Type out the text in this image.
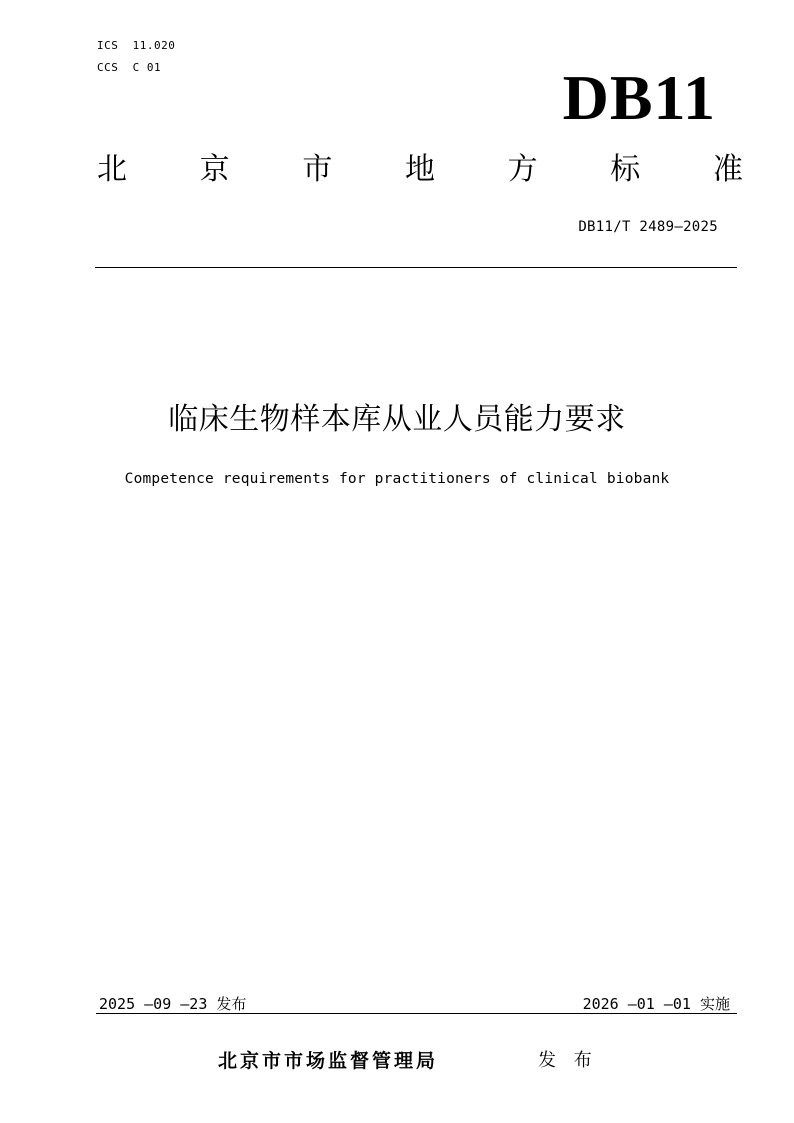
ICS  11.020
CCS  C 01	DB11
北 京 市 地 方 标 准
DB11/T 2489—2025
临床生物样本库从业人员能力要求
Competence requirements for practitioners of clinical biobank
2025 —09 —23 发布	2026 —01 —01 实施
北京市市场监督管理局	发 布
